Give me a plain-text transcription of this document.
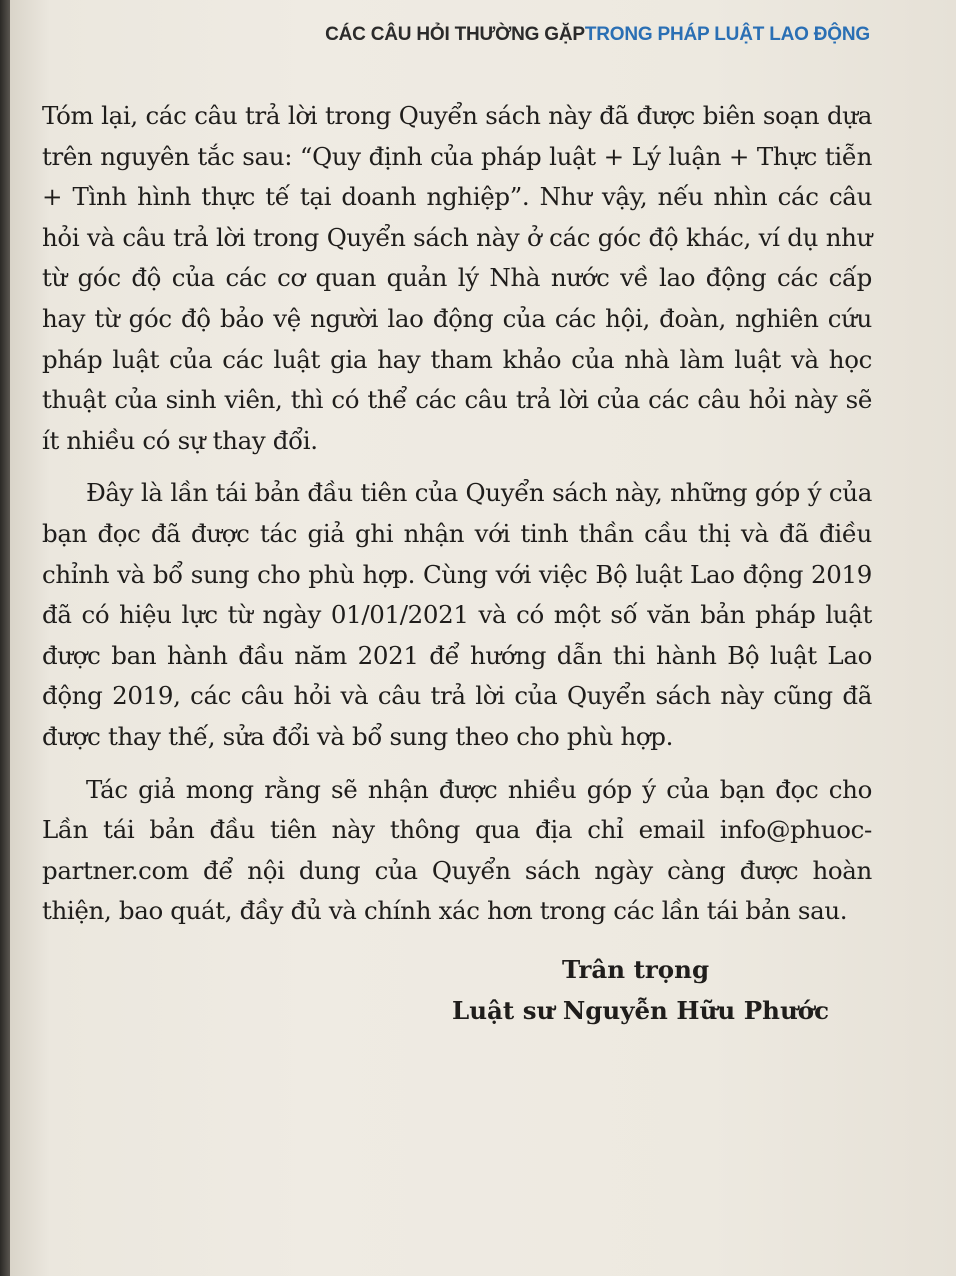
CÁC CÂU HỎI THƯỜNG GẶPTRONG PHÁP LUẬT LAO ĐỘNG

Tóm lại, các câu trả lời trong Quyển sách này đã được biên soạn dựa trên nguyên tắc sau: “Quy định của pháp luật + Lý luận + Thực tiễn + Tình hình thực tế tại doanh nghiệp”. Như vậy, nếu nhìn các câu hỏi và câu trả lời trong Quyển sách này ở các góc độ khác, ví dụ như từ góc độ của các cơ quan quản lý Nhà nước về lao động các cấp hay từ góc độ bảo vệ người lao động của các hội, đoàn, nghiên cứu pháp luật của các luật gia hay tham khảo của nhà làm luật và học thuật của sinh viên, thì có thể các câu trả lời của các câu hỏi này sẽ ít nhiều có sự thay đổi.

Đây là lần tái bản đầu tiên của Quyển sách này, những góp ý của bạn đọc đã được tác giả ghi nhận với tinh thần cầu thị và đã điều chỉnh và bổ sung cho phù hợp. Cùng với việc Bộ luật Lao động 2019 đã có hiệu lực từ ngày 01/01/2021 và có một số văn bản pháp luật được ban hành đầu năm 2021 để hướng dẫn thi hành Bộ luật Lao động 2019, các câu hỏi và câu trả lời của Quyển sách này cũng đã được thay thế, sửa đổi và bổ sung theo cho phù hợp.

Tác giả mong rằng sẽ nhận được nhiều góp ý của bạn đọc cho Lần tái bản đầu tiên này thông qua địa chỉ email info@phuoc-partner.com để nội dung của Quyển sách ngày càng được hoàn thiện, bao quát, đầy đủ và chính xác hơn trong các lần tái bản sau.

Trân trọng
Luật sư Nguyễn Hữu Phước
